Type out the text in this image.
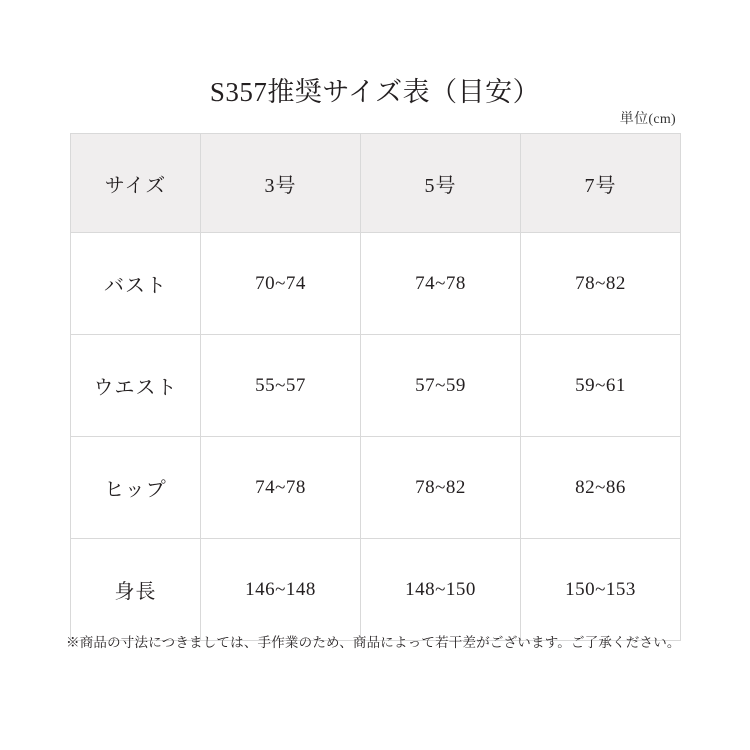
S357推奨サイズ表（目安）
単位(cm)
サイズ	3号	5号	7号
バスト	70~74	74~78	78~82
ウエスト	55~57	57~59	59~61
ヒップ	74~78	78~82	82~86
身長	146~148	148~150	150~153
※商品の寸法につきましては、手作業のため、商品によって若干差がございます。ご了承ください。
